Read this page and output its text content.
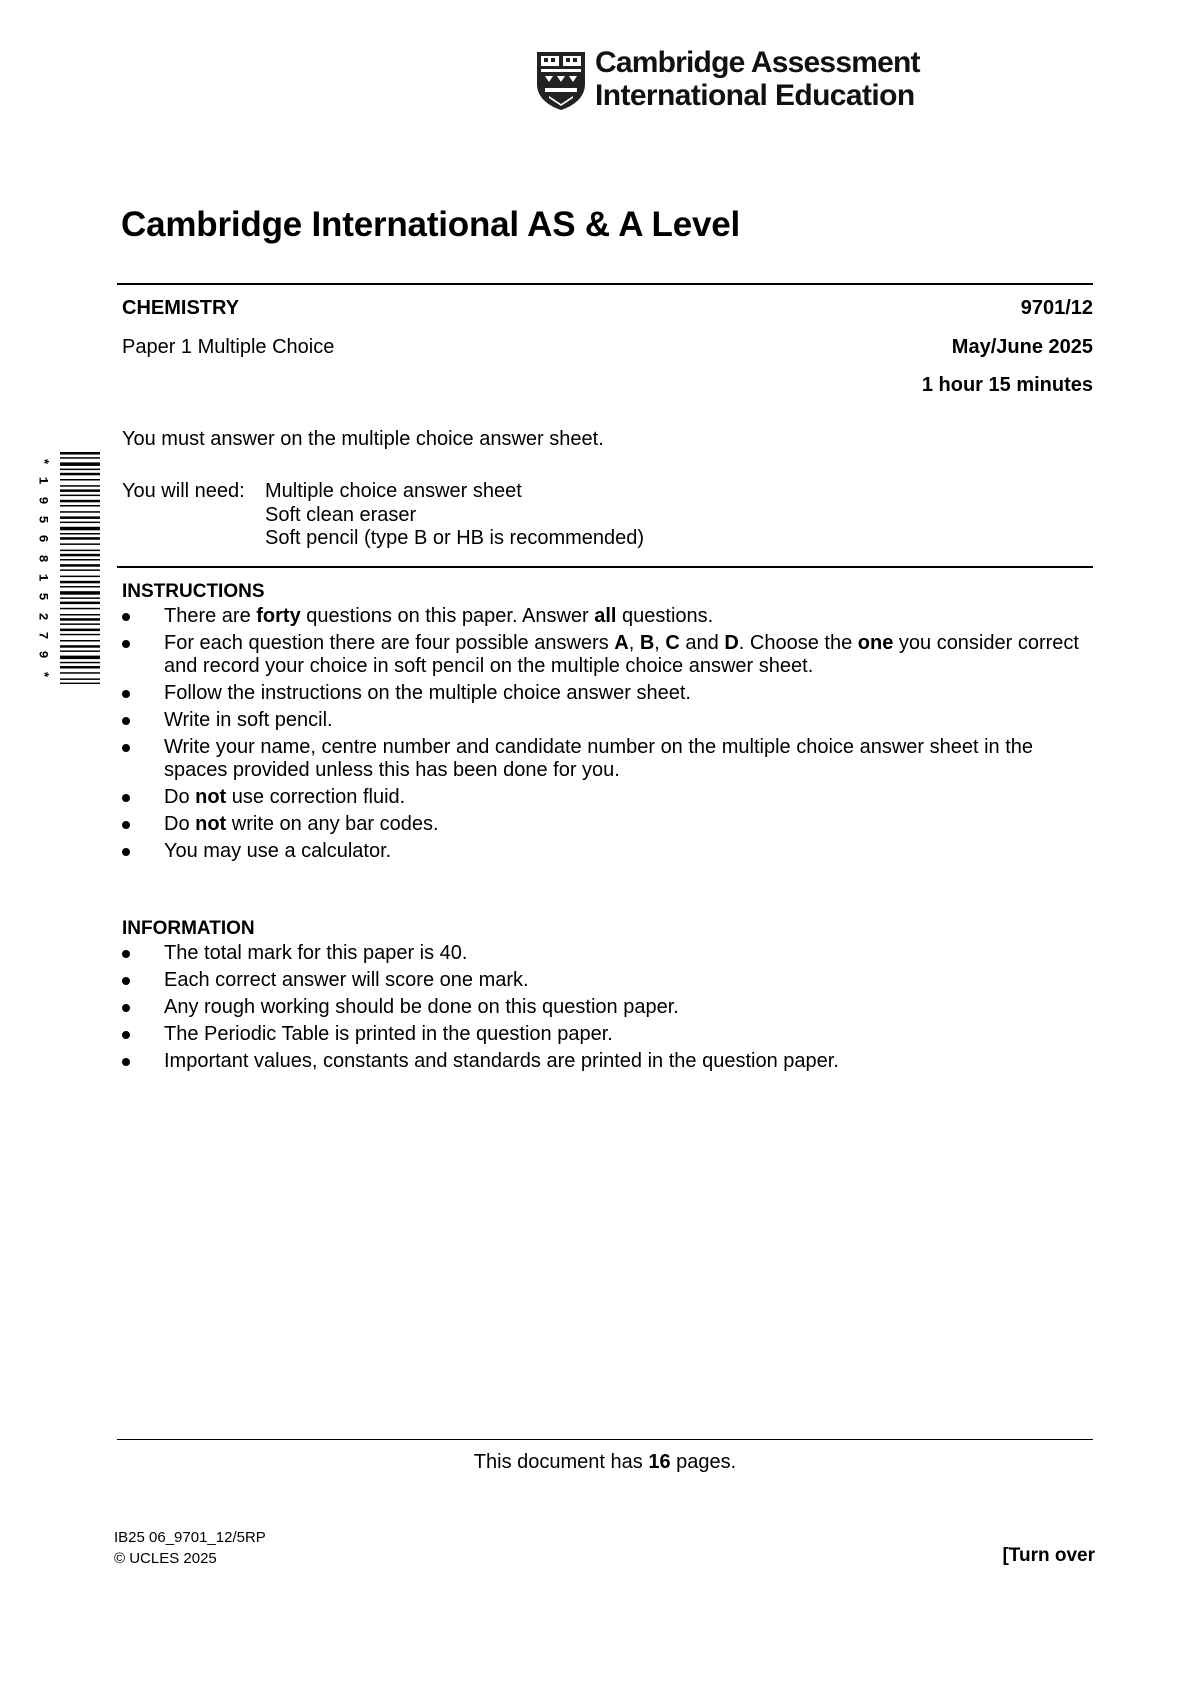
Cambridge Assessment
International Education
Cambridge International AS & A Level
CHEMISTRY	9701/12
Paper 1 Multiple Choice	May/June 2025
1 hour 15 minutes
You must answer on the multiple choice answer sheet.
You will need: Multiple choice answer sheet
Soft clean eraser
Soft pencil (type B or HB is recommended)
INSTRUCTIONS
There are forty questions on this paper. Answer all questions.
For each question there are four possible answers A, B, C and D. Choose the one you consider correct and record your choice in soft pencil on the multiple choice answer sheet.
Follow the instructions on the multiple choice answer sheet.
Write in soft pencil.
Write your name, centre number and candidate number on the multiple choice answer sheet in the spaces provided unless this has been done for you.
Do not use correction fluid.
Do not write on any bar codes.
You may use a calculator.
INFORMATION
The total mark for this paper is 40.
Each correct answer will score one mark.
Any rough working should be done on this question paper.
The Periodic Table is printed in the question paper.
Important values, constants and standards are printed in the question paper.
This document has 16 pages.
IB25 06_9701_12/5RP
© UCLES 2025	[Turn over
*
1
9
5
6
8
1
5
2
7
9
*
